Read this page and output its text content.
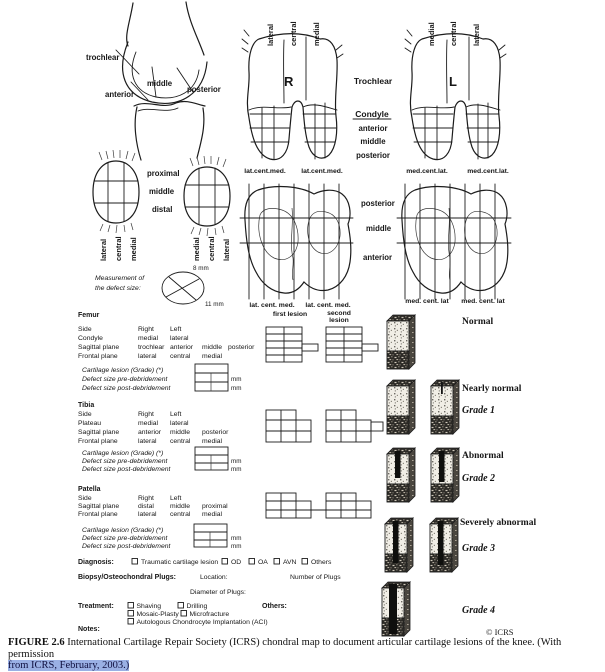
trochlear
middle
anterior
posterior
R
lateral central medial
Trochlear
Condyle
anterior
middle
posterior
L
medial central lateral
lat.cent.med. lat.cent.med.	med.cent.lat.	med.cent.lat.
proximal
middle
distal
lateral central medial	medial central lateral
Measurement of
the defect size:
8 mm
11 mm
posterior
middle
anterior
lat. cent. med. lat. cent. med.
med. cent. lat med. cent. lat
first lesion	second
lesion
Femur
Side	Right Left
Condyle	medial lateral
Sagittal plane	trochlear anterior middle posterior
Frontal plane	lateral central medial
Cartilage lesion (Grade) (*)
Defect size pre-debridement
Defect size post-debridement
mm
mm
Tibia
Side	Right Left
Plateau	medial lateral
Sagittal plane	anterior middle posterior
Frontal plane	lateral central medial
Cartilage lesion (Grade) (*)
Defect size pre-debridement
Defect size post-debridement
mm
mm
Patella
Side	Right Left
Sagittal plane	distal middle proximal
Frontal plane	lateral central medial
Cartilage lesion (Grade) (*)
Defect size pre-debridement
Defect size post-debridement
mm
mm
Diagnosis:	Traumatic cartilage lesion OD OA AVN Others
Biopsy/Osteochondral Plugs:	Location:	Number of Plugs
Diameter of Plugs:
Treatment:	Shaving	Drilling	Others:
Mosaic-Plasty Microfracture
Autologous Chondrocyte Implantation (ACI)
Notes:
Normal
Nearly normal
Grade 1
Abnormal
Grade 2
Severely abnormal
Grade 3
Grade 4
© ICRS
FIGURE 2.6 International Cartilage Repair Society (ICRS) chondral map to document articular cartilage lesions of the knee. (With permission
from ICRS, February, 2003.)
